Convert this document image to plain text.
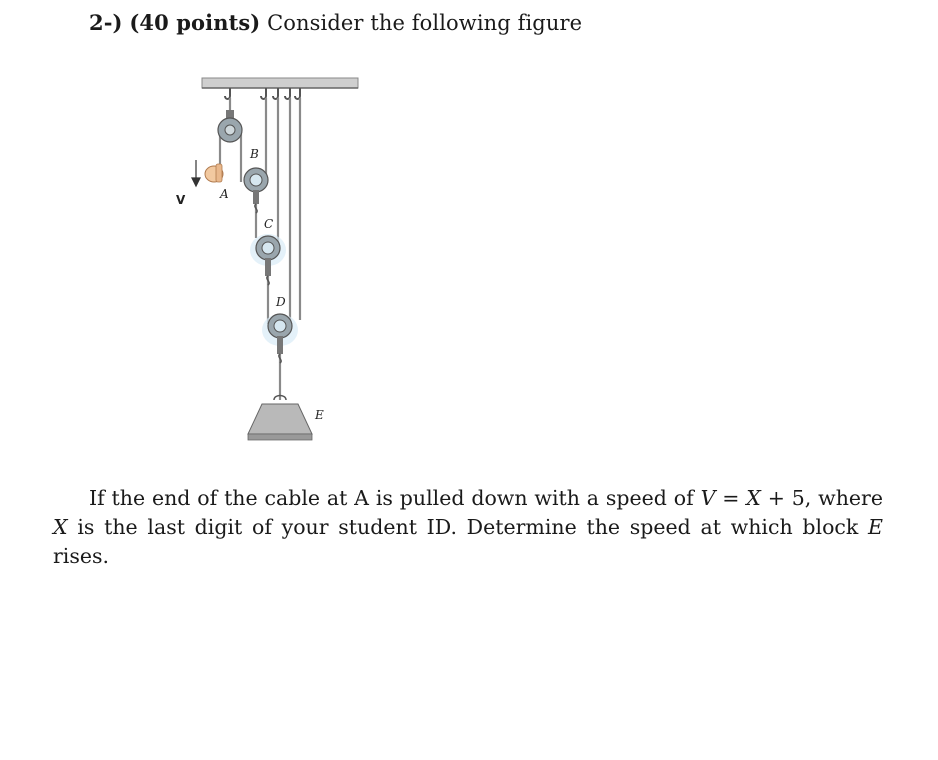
2-) (40 points) Consider the following figure
V	A
B
C
D
E
If the end of the cable at A is pulled down with a speed of V = X + 5, where X is the last digit of your student ID. Determine the speed at which block E rises.
